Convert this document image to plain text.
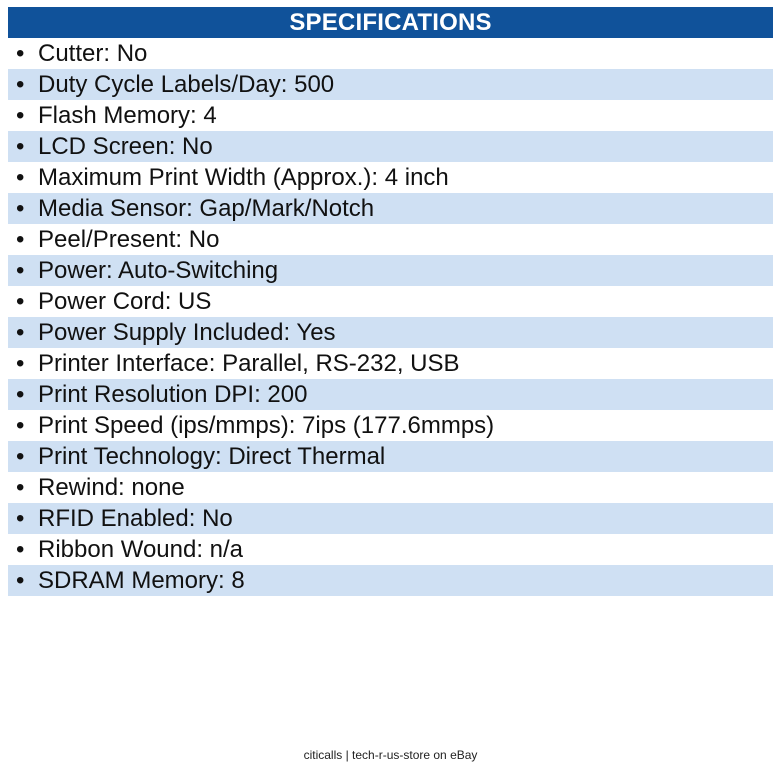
SPECIFICATIONS
• Cutter: No
• Duty Cycle Labels/Day: 500
• Flash Memory: 4
• LCD Screen: No
• Maximum Print Width (Approx.): 4 inch
• Media Sensor: Gap/Mark/Notch
• Peel/Present: No
• Power: Auto-Switching
• Power Cord: US
• Power Supply Included: Yes
• Printer Interface: Parallel, RS-232, USB
• Print Resolution DPI: 200
• Print Speed (ips/mmps): 7ips (177.6mmps)
• Print Technology: Direct Thermal
• Rewind: none
• RFID Enabled: No
• Ribbon Wound: n/a
• SDRAM Memory: 8
citicalls | tech-r-us-store on eBay
